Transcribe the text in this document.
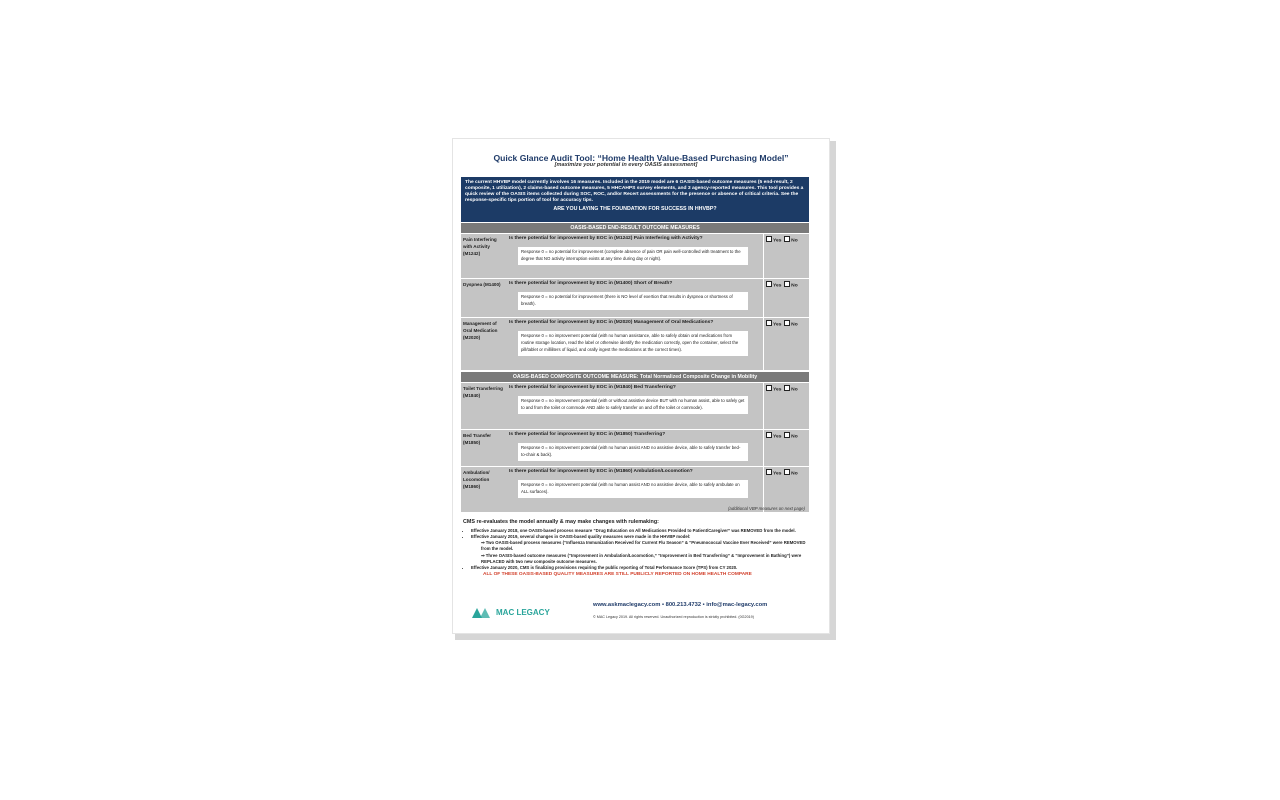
Quick Glance Audit Tool: “Home Health Value-Based Purchasing Model”
[maximize your potential in every OASIS assessment]
The current HHVBP model currently involves 16 measures. Included in the 2019 model are 6 OASIS-based outcome measures (5 end-result, 2 composite, 1 utilization), 2 claims-based outcome measures, 5 HHCAHPS survey elements, and 3 agency-reported measures. This tool provides a quick review of the OASIS items collected during SOC, ROC, and/or Recert assessments for the presence or absence of critical criteria. See the response-specific tips portion of tool for accuracy tips.
ARE YOU LAYING THE FOUNDATION FOR SUCCESS IN HHVBP?
OASIS-BASED END-RESULT OUTCOME MEASURES
Pain Interfering with Activity (M1242)
Is there potential for improvement by EOC in (M1242) Pain Interfering with Activity?
Response 0 = no potential for improvement (complete absence of pain OR pain well-controlled with treatment to the degree that NO activity interruption exists at any time during day or night).
Yes No
Dyspnea (M1400)	Is there potential for improvement by EOC in (M1400) Short of Breath?
Response 0 = no potential for improvement (there is NO level of exertion that results in dyspnea or shortness of breath).
Yes No
Management of Oral Medication (M2020)
Is there potential for improvement by EOC in (M2020) Management of Oral Medications?
Response 0 = no improvement potential (with no human assistance, able to safely obtain oral medications from routine storage location, read the label or otherwise identify the medication correctly, open the container, select the pill/tablet or milliliters of liquid, and orally ingest the medications at the correct times).
Yes No
OASIS-BASED COMPOSITE OUTCOME MEASURE: Total Normalized Composite Change in Mobility
Toilet Transferring (M1840)
Is there potential for improvement by EOC in (M1840) Bed Transferring?
Response 0 = no improvement potential (with or without assistive device BUT with no human assist, able to safely get to and from the toilet or commode AND able to safely transfer on and off the toilet or commode).
Yes No
Bed Transfer (M1850)
Is there potential for improvement by EOC in (M1850) Transferring?
Response 0 = no improvement potential (with no human assist AND no assistive device, able to safely transfer bed-to-chair & back).
Yes No
Ambulation/ Locomotion (M1860)
Is there potential for improvement by EOC in (M1860) Ambulation/Locomotion?
Response 0 = no improvement potential (with no human assist AND no assistive device, able to safely ambulate on ALL surfaces).
Yes No
(additional VBP measures on next page)
CMS re-evaluates the model annually & may make changes with rulemaking:
• Effective January 2018, one OASIS-based process measure “Drug Education on All Medications Provided to Patient/Caregiver” was REMOVED from the model.
• Effective January 2019, several changes in OASIS-based quality measures were made in the HHVBP model:
⇒ Two OASIS-based process measures (“Influenza Immunization Received for Current Flu Season” & “Pneumococcal Vaccine Ever Received” were REMOVED from the model.
⇒ Three OASIS-based outcome measures (“Improvement in Ambulation/Locomotion,” “Improvement in Bed Transferring” & “Improvement in Bathing”) were REPLACED with two new composite outcome measures.
• Effective January 2020, CMS is finalizing provisions requiring the public reporting of Total Performance Score (TPS) from CY 2020.
ALL OF THESE OASIS-BASED QUALITY MEASURES ARE STILL PUBLICLY REPORTED ON HOME HEALTH COMPARE
MAC LEGACY
www.askmaclegacy.com • 800.213.4732 • info@mac-legacy.com
© MAC Legacy 2019. All rights reserved. Unauthorized reproduction is strictly prohibited. (0G2019)
